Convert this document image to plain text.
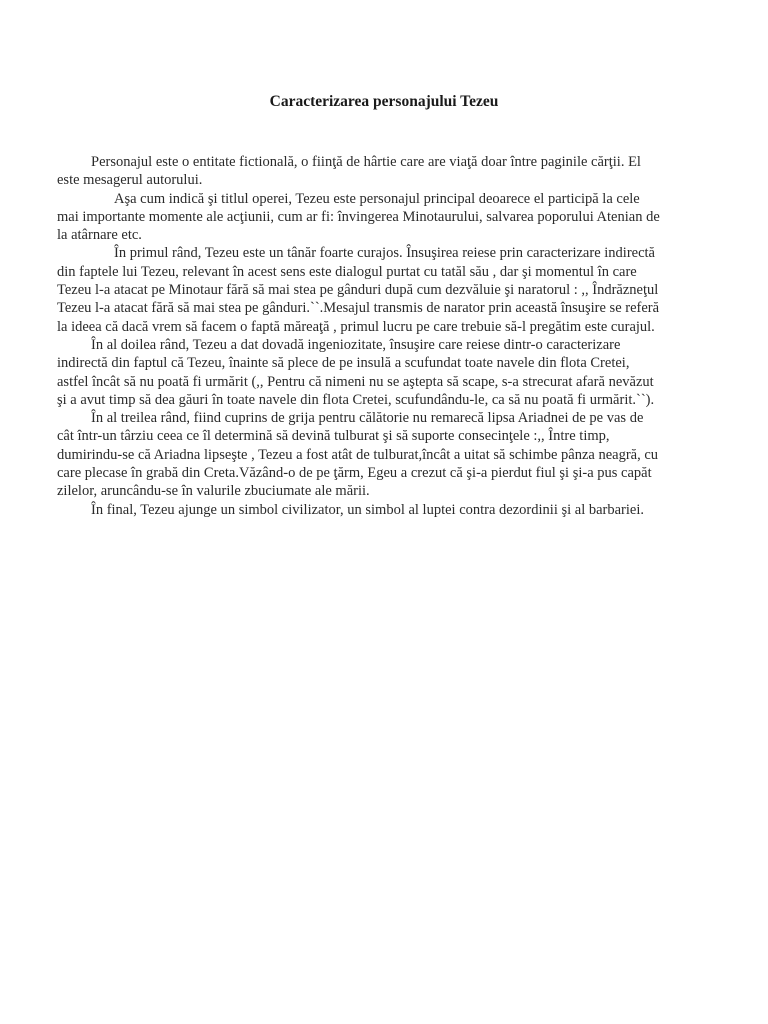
Caracterizarea personajului Tezeu

Personajul este o entitate fictională, o fiinţă de hârtie care are viaţă doar între paginile cărţii. El este mesagerul autorului.

Aşa cum indică şi titlul operei, Tezeu este personajul principal deoarece el participă la cele mai importante momente ale acţiunii, cum ar fi: învingerea Minotaurului, salvarea poporului Atenian de la atârnare etc.

În primul rând, Tezeu este un tânăr foarte curajos. Însuşirea reiese prin caracterizare indirectă din faptele lui Tezeu, relevant în acest sens este dialogul purtat cu tatăl său , dar şi momentul în care Tezeu l-a atacat pe Minotaur fără să mai stea pe gânduri după cum dezvăluie şi naratorul : ,, Îndrăzneţul Tezeu l-a atacat fără să mai stea pe gânduri.``.Mesajul transmis de narator prin această însuşire se referă la ideea că dacă vrem să facem o faptă măreaţă , primul lucru pe care trebuie să-l pregătim este curajul.

În al doilea rând, Tezeu a dat dovadă ingeniozitate, însuşire care reiese dintr-o caracterizare indirectă din faptul că Tezeu, înainte să plece de pe insulă a scufundat toate navele din flota Cretei, astfel încât să nu poată fi urmărit (,, Pentru că nimeni nu se aştepta să scape, s-a strecurat afară nevăzut şi a avut timp să dea găuri în toate navele din flota Cretei, scufundându-le, ca să nu poată fi urmărit.``).

În al treilea rând, fiind cuprins de grija pentru călătorie nu remarecă lipsa Ariadnei de pe vas de cât într-un târziu ceea ce îl determină să devină tulburat şi să suporte consecinţele :,, Între timp, dumirindu-se că Ariadna lipseşte , Tezeu a fost atât de tulburat,încât a uitat să schimbe pânza neagră, cu care plecase în grabă din Creta.Văzând-o de pe ţărm, Egeu a crezut că şi-a pierdut fiul şi şi-a pus capăt zilelor, aruncându-se în valurile zbuciumate ale mării.

În final, Tezeu ajunge un simbol civilizator, un simbol al luptei contra dezordinii şi al barbariei.
